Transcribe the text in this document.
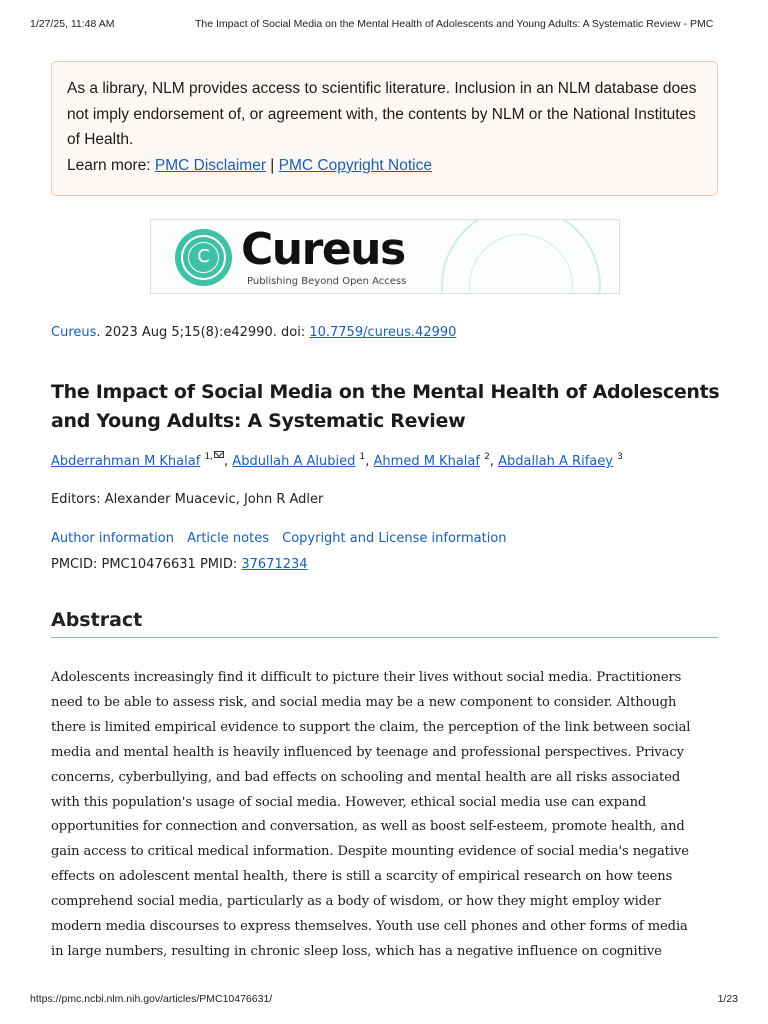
1/27/25, 11:48 AM	The Impact of Social Media on the Mental Health of Adolescents and Young Adults: A Systematic Review - PMC
As a library, NLM provides access to scientific literature. Inclusion in an NLM database does not imply endorsement of, or agreement with, the contents by NLM or the National Institutes of Health.
Learn more: PMC Disclaimer | PMC Copyright Notice
C Cureus
Publishing Beyond Open Access
Cureus. 2023 Aug 5;15(8):e42990. doi: 10.7759/cureus.42990
The Impact of Social Media on the Mental Health of Adolescents and Young Adults: A Systematic Review
Abderrahman M Khalaf $^{1,}$ , Abdullah A Alubied $^1$, Ahmed M Khalaf $^2$, Abdallah A Rifaey $^3$
Editors: Alexander Muacevic, John R Adler
Author information Article notes Copyright and License information
PMCID: PMC10476631 PMID: 37671234
Abstract
Adolescents increasingly find it difficult to picture their lives without social media. Practitioners
need to be able to assess risk, and social media may be a new component to consider. Although
there is limited empirical evidence to support the claim, the perception of the link between social
media and mental health is heavily influenced by teenage and professional perspectives. Privacy
concerns, cyberbullying, and bad effects on schooling and mental health are all risks associated
with this population's usage of social media. However, ethical social media use can expand
opportunities for connection and conversation, as well as boost self-esteem, promote health, and
gain access to critical medical information. Despite mounting evidence of social media's negative
effects on adolescent mental health, there is still a scarcity of empirical research on how teens
comprehend social media, particularly as a body of wisdom, or how they might employ wider
modern media discourses to express themselves. Youth use cell phones and other forms of media
in large numbers, resulting in chronic sleep loss, which has a negative influence on cognitive
https://pmc.ncbi.nlm.nih.gov/articles/PMC10476631/	1/23
